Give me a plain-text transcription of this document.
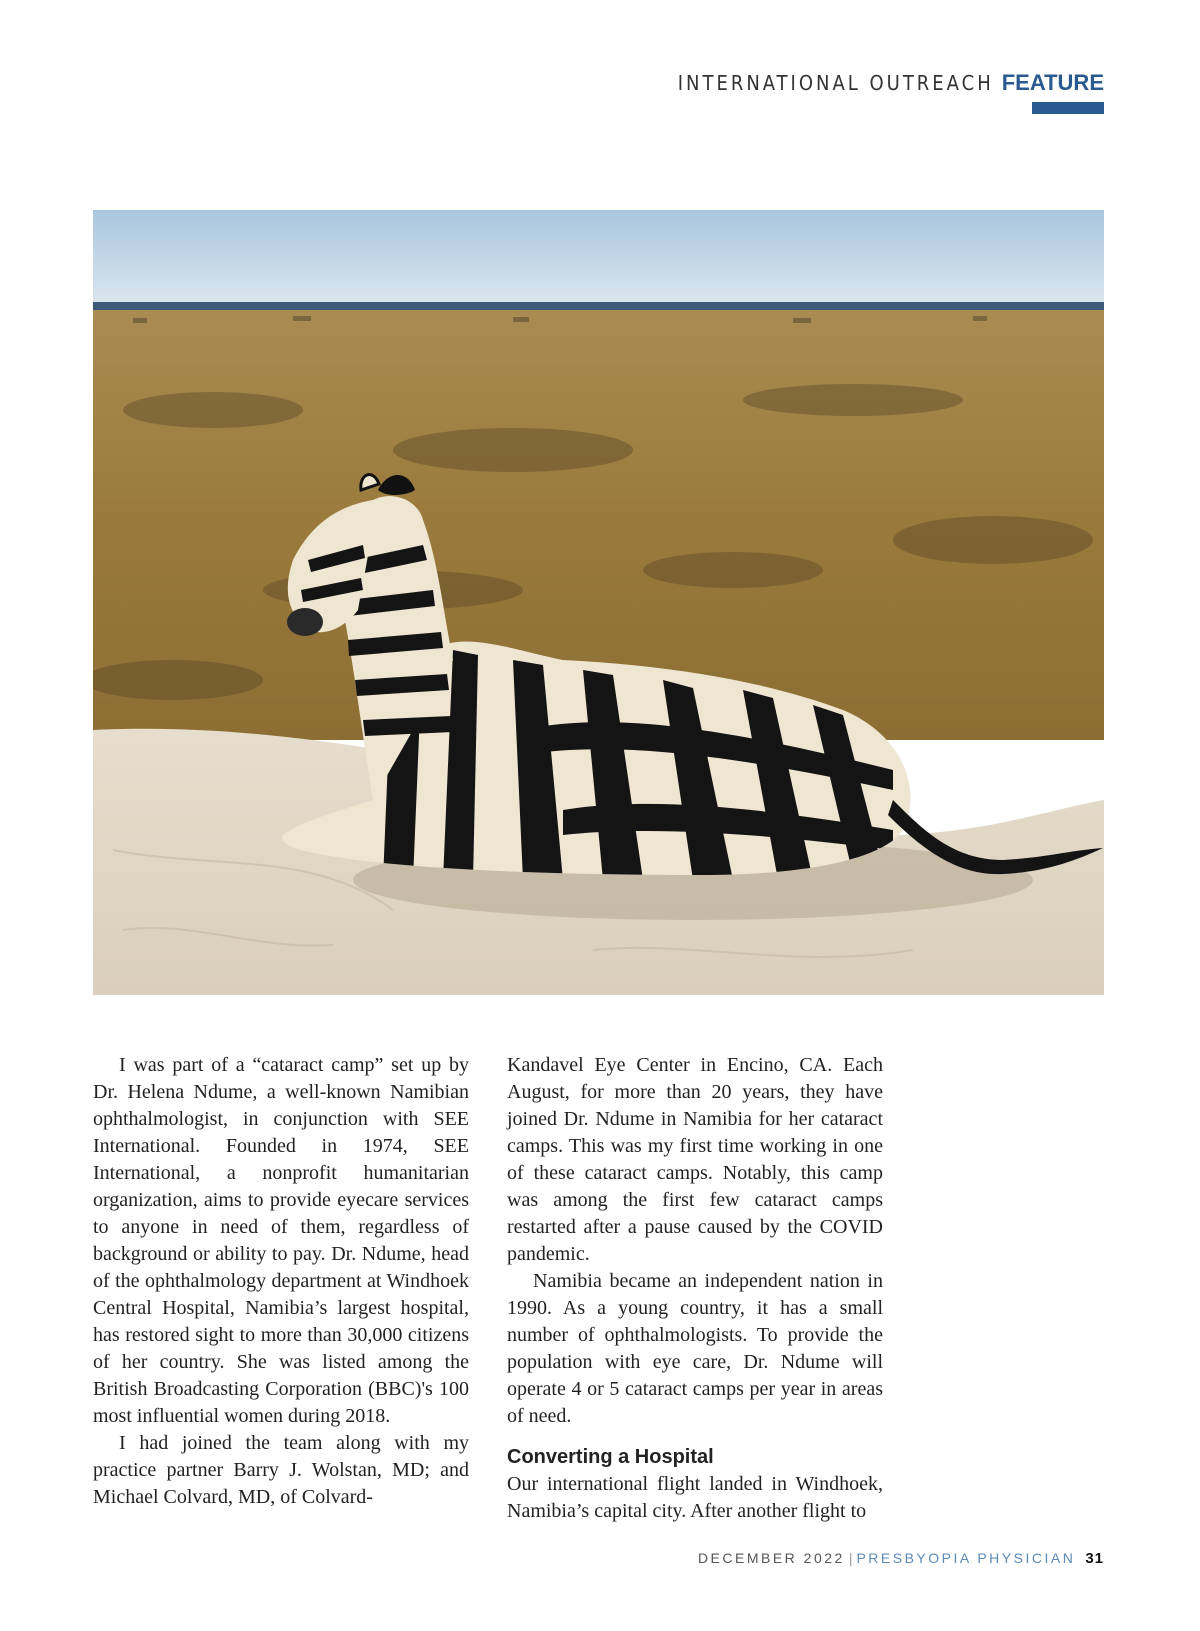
INTERNATIONAL OUTREACH FEATURE

I was part of a “cataract camp” set up by Dr. Helena Ndume, a well-known Namibian ophthalmologist, in conjunction with SEE International. Founded in 1974, SEE International, a nonprofit humanitarian organization, aims to provide eyecare services to anyone in need of them, regardless of background or ability to pay. Dr. Ndume, head of the ophthalmology department at Windhoek Central Hospital, Namibia’s largest hospital, has restored sight to more than 30,000 citizens of her country. She was listed among the British Broadcasting Corporation (BBC)'s 100 most influential women during 2018.

I had joined the team along with my practice partner Barry J. Wolstan, MD; and Michael Colvard, MD, of Colvard-

Kandavel Eye Center in Encino, CA. Each August, for more than 20 years, they have joined Dr. Ndume in Namibia for her cataract camps. This was my first time working in one of these cataract camps. Notably, this camp was among the first few cataract camps restarted after a pause caused by the COVID pandemic.

Namibia became an independent nation in 1990. As a young country, it has a small number of ophthalmologists. To provide the population with eye care, Dr. Ndume will operate 4 or 5 cataract camps per year in areas of need.

Converting a Hospital

Our international flight landed in Windhoek, Namibia’s capital city. After another flight to

DECEMBER 2022 | PRESBYOPIA PHYSICIAN 31
